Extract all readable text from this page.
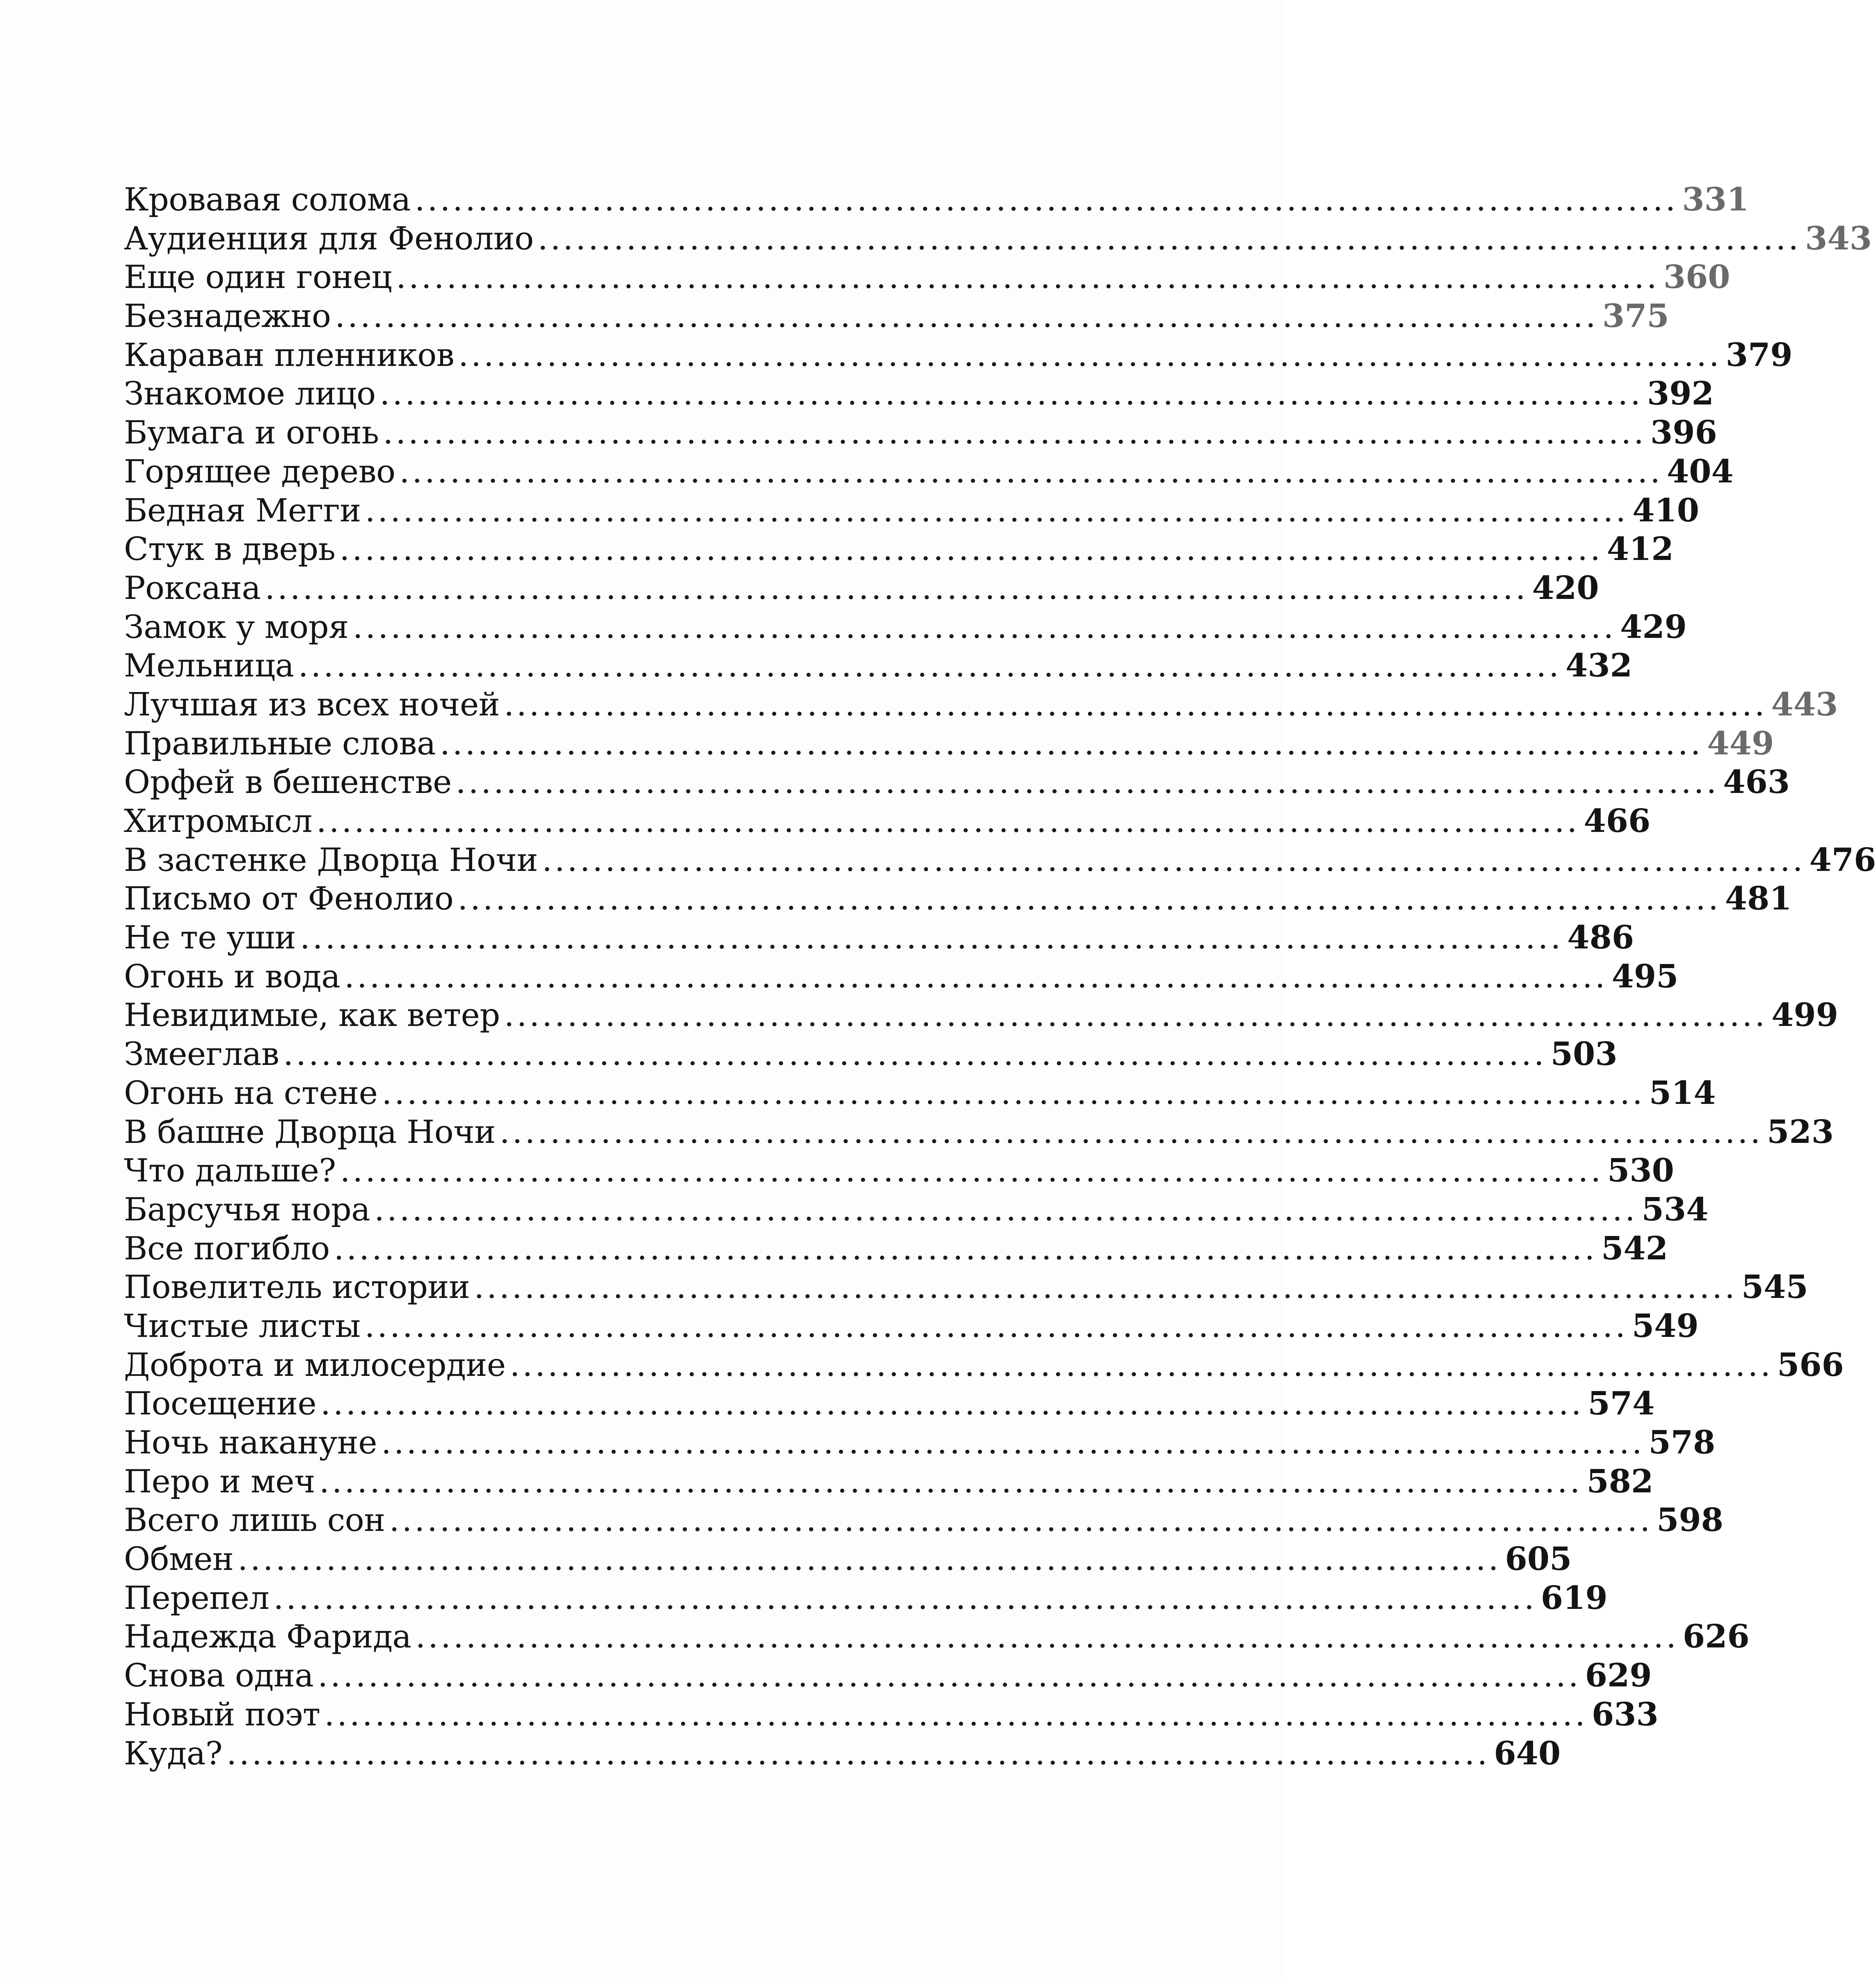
Кровавая солома .................................................................................................... 331
Аудиенция для Фенолио .................................................................................................... 343
Еще один гонец .................................................................................................... 360
Безнадежно .................................................................................................... 375
Караван пленников .................................................................................................... 379
Знакомое лицо .................................................................................................... 392
Бумага и огонь .................................................................................................... 396
Горящее дерево .................................................................................................... 404
Бедная Мегги .................................................................................................... 410
Стук в дверь .................................................................................................... 412
Роксана .................................................................................................... 420
Замок у моря .................................................................................................... 429
Мельница .................................................................................................... 432
Лучшая из всех ночей .................................................................................................... 443
Правильные слова .................................................................................................... 449
Орфей в бешенстве .................................................................................................... 463
Хитромысл .................................................................................................... 466
В застенке Дворца Ночи .................................................................................................... 476
Письмо от Фенолио .................................................................................................... 481
Не те уши .................................................................................................... 486
Огонь и вода .................................................................................................... 495
Невидимые, как ветер .................................................................................................... 499
Змееглав .................................................................................................... 503
Огонь на стене .................................................................................................... 514
В башне Дворца Ночи .................................................................................................... 523
Что дальше? .................................................................................................... 530
Барсучья нора .................................................................................................... 534
Все погибло .................................................................................................... 542
Повелитель истории .................................................................................................... 545
Чистые листы .................................................................................................... 549
Доброта и милосердие .................................................................................................... 566
Посещение .................................................................................................... 574
Ночь накануне .................................................................................................... 578
Перо и меч .................................................................................................... 582
Всего лишь сон .................................................................................................... 598
Обмен .................................................................................................... 605
Перепел .................................................................................................... 619
Надежда Фарида .................................................................................................... 626
Снова одна .................................................................................................... 629
Новый поэт .................................................................................................... 633
Куда? .................................................................................................... 640
